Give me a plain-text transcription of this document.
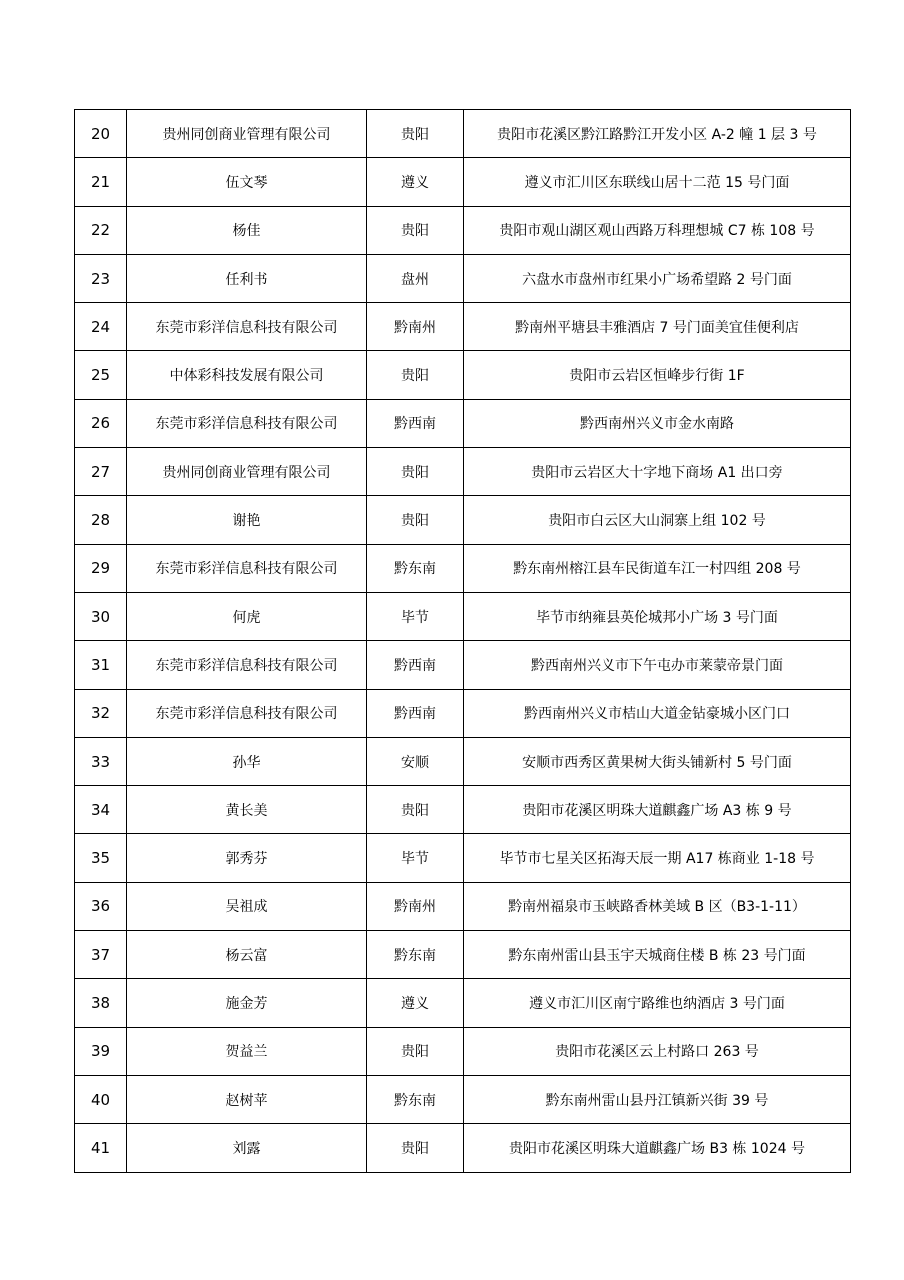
20	贵州同创商业管理有限公司	贵阳	贵阳市花溪区黔江路黔江开发小区 A-2 幢 1 层 3 号
21	伍文琴	遵义	遵义市汇川区东联线山居十二范 15 号门面
22	杨佳	贵阳	贵阳市观山湖区观山西路万科理想城 C7 栋 108 号
23	任利书	盘州	六盘水市盘州市红果小广场希望路 2 号门面
24	东莞市彩洋信息科技有限公司	黔南州	黔南州平塘县丰雅酒店 7 号门面美宜佳便利店
25	中体彩科技发展有限公司	贵阳	贵阳市云岩区恒峰步行街 1F
26	东莞市彩洋信息科技有限公司	黔西南	黔西南州兴义市金水南路
27	贵州同创商业管理有限公司	贵阳	贵阳市云岩区大十字地下商场 A1 出口旁
28	谢艳	贵阳	贵阳市白云区大山洞寨上组 102 号
29	东莞市彩洋信息科技有限公司	黔东南	黔东南州榕江县车民街道车江一村四组 208 号
30	何虎	毕节	毕节市纳雍县英伦城邦小广场 3 号门面
31	东莞市彩洋信息科技有限公司	黔西南	黔西南州兴义市下午屯办市莱蒙帝景门面
32	东莞市彩洋信息科技有限公司	黔西南	黔西南州兴义市桔山大道金钻豪城小区门口
33	孙华	安顺	安顺市西秀区黄果树大街头铺新村 5 号门面
34	黄长美	贵阳	贵阳市花溪区明珠大道麒鑫广场 A3 栋 9 号
35	郭秀芬	毕节	毕节市七星关区拓海天辰一期 A17 栋商业 1-18 号
36	吴祖成	黔南州	黔南州福泉市玉峡路香林美域 B 区（B3-1-11）
37	杨云富	黔东南	黔东南州雷山县玉宇天城商住楼 B 栋 23 号门面
38	施金芳	遵义	遵义市汇川区南宁路维也纳酒店 3 号门面
39	贺益兰	贵阳	贵阳市花溪区云上村路口 263 号
40	赵树苹	黔东南	黔东南州雷山县丹江镇新兴街 39 号
41	刘露	贵阳	贵阳市花溪区明珠大道麒鑫广场 B3 栋 1024 号
